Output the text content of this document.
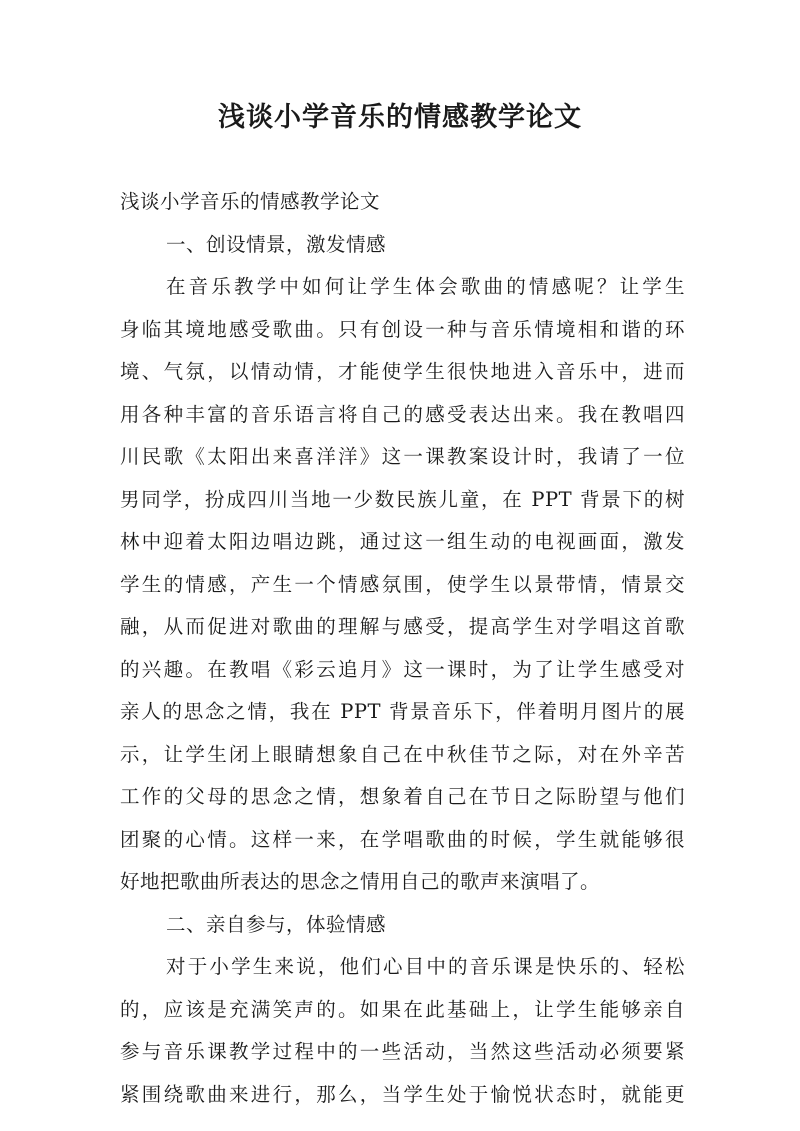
浅谈小学音乐的情感教学论文
浅谈小学音乐的情感教学论文
一、创设情景，激发情感
在音乐教学中如何让学生体会歌曲的情感呢？让学生
身临其境地感受歌曲。只有创设一种与音乐情境相和谐的环
境、气氛，以情动情，才能使学生很快地进入音乐中，进而
用各种丰富的音乐语言将自己的感受表达出来。我在教唱四
川民歌《太阳出来喜洋洋》这一课教案设计时，我请了一位
男同学，扮成四川当地一少数民族儿童，在 PPT 背景下的树
林中迎着太阳边唱边跳，通过这一组生动的电视画面，激发
学生的情感，产生一个情感氛围，使学生以景带情，情景交
融，从而促进对歌曲的理解与感受，提高学生对学唱这首歌
的兴趣。在教唱《彩云追月》这一课时，为了让学生感受对
亲人的思念之情，我在 PPT 背景音乐下，伴着明月图片的展
示，让学生闭上眼睛想象自己在中秋佳节之际，对在外辛苦
工作的父母的思念之情，想象着自己在节日之际盼望与他们
团聚的心情。这样一来，在学唱歌曲的时候，学生就能够很
好地把歌曲所表达的思念之情用自己的歌声来演唱了。
二、亲自参与，体验情感
对于小学生来说，他们心目中的音乐课是快乐的、轻松
的，应该是充满笑声的。如果在此基础上，让学生能够亲自
参与音乐课教学过程中的一些活动，当然这些活动必须要紧
紧围绕歌曲来进行，那么，当学生处于愉悦状态时，就能更
